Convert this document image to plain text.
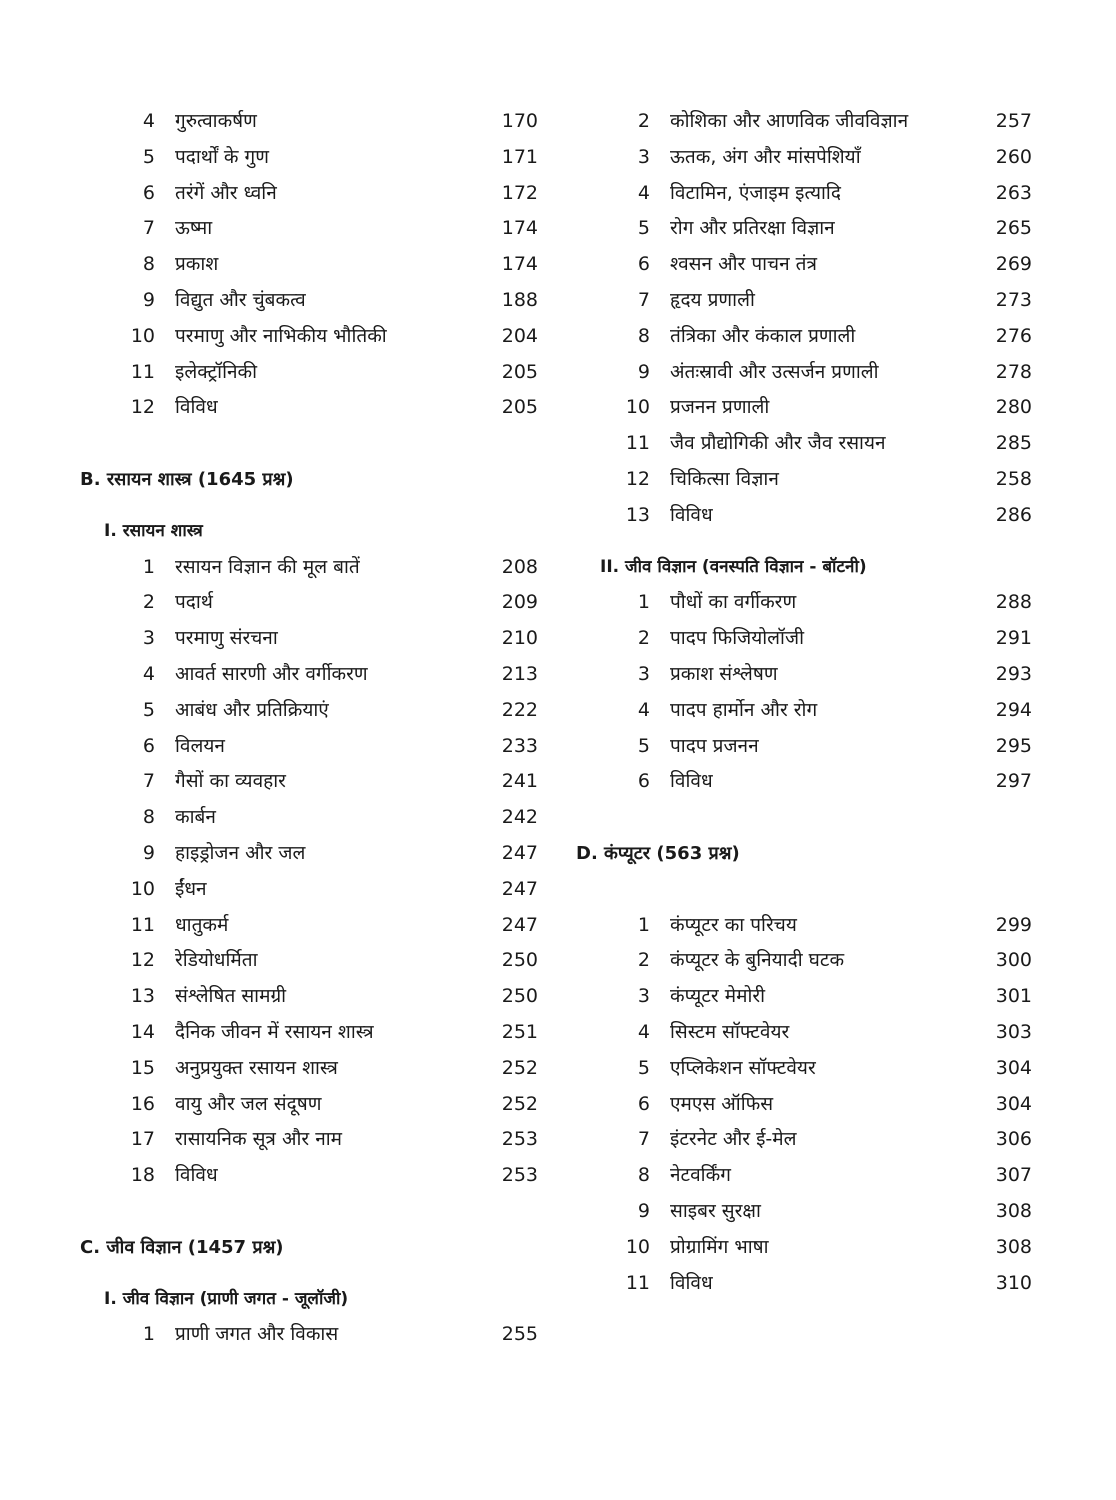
4 गुरुत्वाकर्षण	170
5 पदार्थों के गुण	171
6 तरंगें और ध्वनि	172
7 ऊष्मा	174
8 प्रकाश	174
9 विद्युत और चुंबकत्व	188
10 परमाणु और नाभिकीय भौतिकी	204
11 इलेक्ट्रॉनिकी	205
12 विविध	205
B. रसायन शास्त्र (1645 प्रश्न)
I. रसायन शास्त्र
1 रसायन विज्ञान की मूल बातें	208
2 पदार्थ	209
3 परमाणु संरचना	210
4 आवर्त सारणी और वर्गीकरण	213
5 आबंध और प्रतिक्रियाएं	222
6 विलयन	233
7 गैसों का व्यवहार	241
8 कार्बन	242
9 हाइड्रोजन और जल	247
10 ईंधन	247
11 धातुकर्म	247
12 रेडियोधर्मिता	250
13 संश्लेषित सामग्री	250
14 दैनिक जीवन में रसायन शास्त्र	251
15 अनुप्रयुक्त रसायन शास्त्र	252
16 वायु और जल संदूषण	252
17 रासायनिक सूत्र और नाम	253
18 विविध	253
C. जीव विज्ञान (1457 प्रश्न)
I. जीव विज्ञान (प्राणी जगत - जूलॉजी)
1 प्राणी जगत और विकास	255
2 कोशिका और आणविक जीवविज्ञान	257
3 ऊतक, अंग और मांसपेशियाँ	260
4 विटामिन, एंजाइम इत्यादि	263
5 रोग और प्रतिरक्षा विज्ञान	265
6 श्वसन और पाचन तंत्र	269
7 हृदय प्रणाली	273
8 तंत्रिका और कंकाल प्रणाली	276
9 अंतःस्रावी और उत्सर्जन प्रणाली	278
10 प्रजनन प्रणाली	280
11 जैव प्रौद्योगिकी और जैव रसायन	285
12 चिकित्सा विज्ञान	258
13 विविध	286
II. जीव विज्ञान (वनस्पति विज्ञान - बॉटनी)
1 पौधों का वर्गीकरण	288
2 पादप फिजियोलॉजी	291
3 प्रकाश संश्लेषण	293
4 पादप हार्मोन और रोग	294
5 पादप प्रजनन	295
6 विविध	297
D. कंप्यूटर (563 प्रश्न)
1 कंप्यूटर का परिचय	299
2 कंप्यूटर के बुनियादी घटक	300
3 कंप्यूटर मेमोरी	301
4 सिस्टम सॉफ्टवेयर	303
5 एप्लिकेशन सॉफ्टवेयर	304
6 एमएस ऑफिस	304
7 इंटरनेट और ई-मेल	306
8 नेटवर्किंग	307
9 साइबर सुरक्षा	308
10 प्रोग्रामिंग भाषा	308
11 विविध	310
